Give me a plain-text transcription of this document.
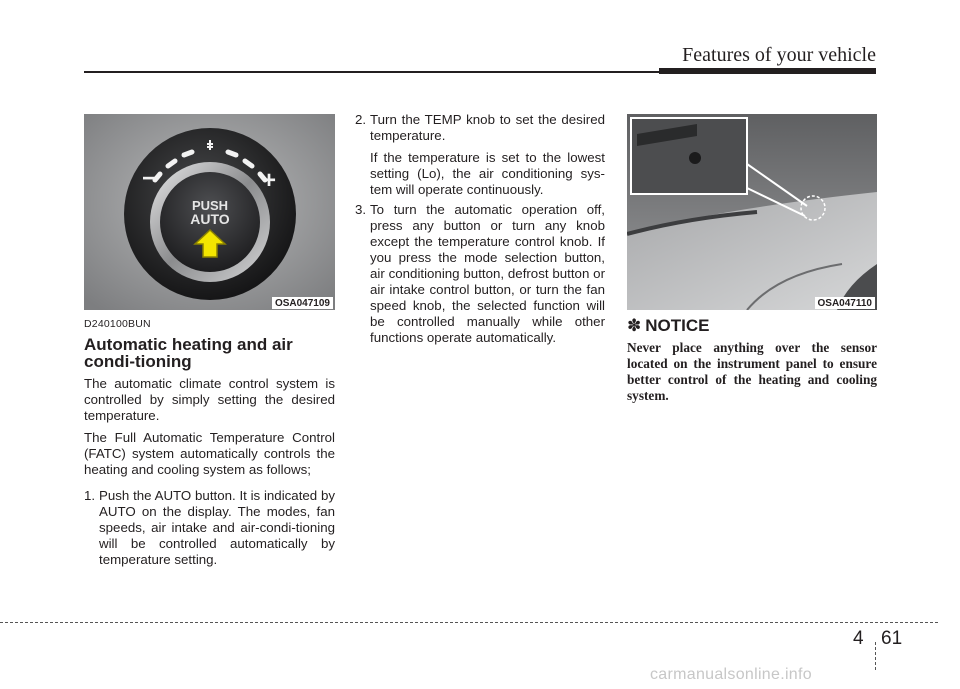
Features of your vehicle
−	+
PUSH
AUTO
OSA047109
D240100BUN
Automatic heating and air condi-tioning

The automatic climate control system is controlled by simply setting the desired temperature.

The Full Automatic Temperature Control (FATC) system automatically controls the heating and cooling system as follows;

1. Push the AUTO button. It is indicated by AUTO on the display. The modes, fan speeds, air intake and air-condi-tioning will be controlled automatically by temperature setting.
2. Turn the TEMP knob to set the desired temperature.
If the temperature is set to the lowest setting (Lo), the air conditioning sys-tem will operate continuously.
3. To turn the automatic operation off, press any button or turn any knob except the temperature control knob. If you press the mode selection button, air conditioning button, defrost button or air intake control button, or turn the fan speed knob, the selected function will be controlled manually while other functions operate automatically.
OSA047110
✽ NOTICE
Never place anything over the sensor located on the instrument panel to ensure better control of the heating and cooling system.
4 61
carmanualsonline.info
